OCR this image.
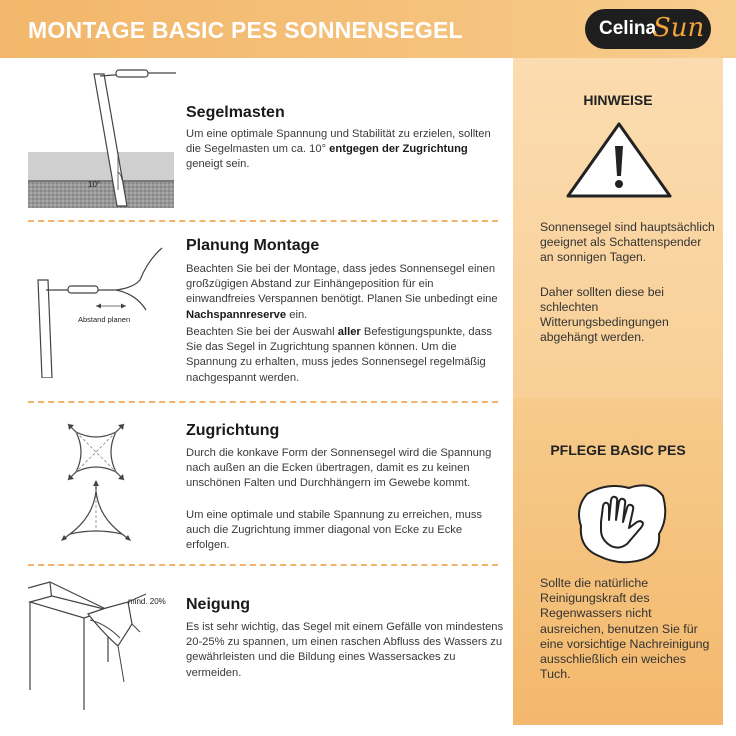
MONTAGE BASIC PES SONNENSEGEL	Celina
Sun
10°
Segelmasten
Um eine optimale Spannung und Stabilität zu erzielen, sollten die Segelmasten um ca. 10° entgegen der Zugrichtung geneigt sein.
Abstand planen
Planung Montage
Beachten Sie bei der Montage, dass jedes Sonnensegel einen großzügigen Abstand zur Einhängeposition für ein einwandfreies Verspannen benötigt. Planen Sie unbedingt eine Nachspannreserve ein.
Beachten Sie bei der Auswahl aller Befestigungspunkte, dass Sie das Segel in Zugrichtung spannen können. Um die Spannung zu erhalten, muss jedes Sonnensegel regelmäßig nachgespannt werden.
Zugrichtung
Durch die konkave Form der Sonnensegel wird die Spannung nach außen an die Ecken übertragen, damit es zu keinen unschönen Falten und Durchhängern im Gewebe kommt.
Um eine optimale und stabile Spannung zu erreichen, muss auch die Zugrichtung immer diagonal von Ecke zu Ecke erfolgen.
mind. 20% Neigung
Es ist sehr wichtig, das Segel mit einem Gefälle von mindestens 20-25% zu spannen, um einen raschen Abfluss des Wassers zu gewährleisten und die Bildung eines Wassersackes zu vermeiden.
HINWEISE
Sonnensegel sind hauptsächlich geeignet als Schattenspender an sonnigen Tagen.
Daher sollten diese bei schlechten Witterungsbedingungen abgehängt werden.
PFLEGE BASIC PES
Sollte die natürliche Reinigungskraft des Regenwassers nicht ausreichen, benutzen Sie für eine vorsichtige Nachreinigung ausschließlich ein weiches Tuch.
